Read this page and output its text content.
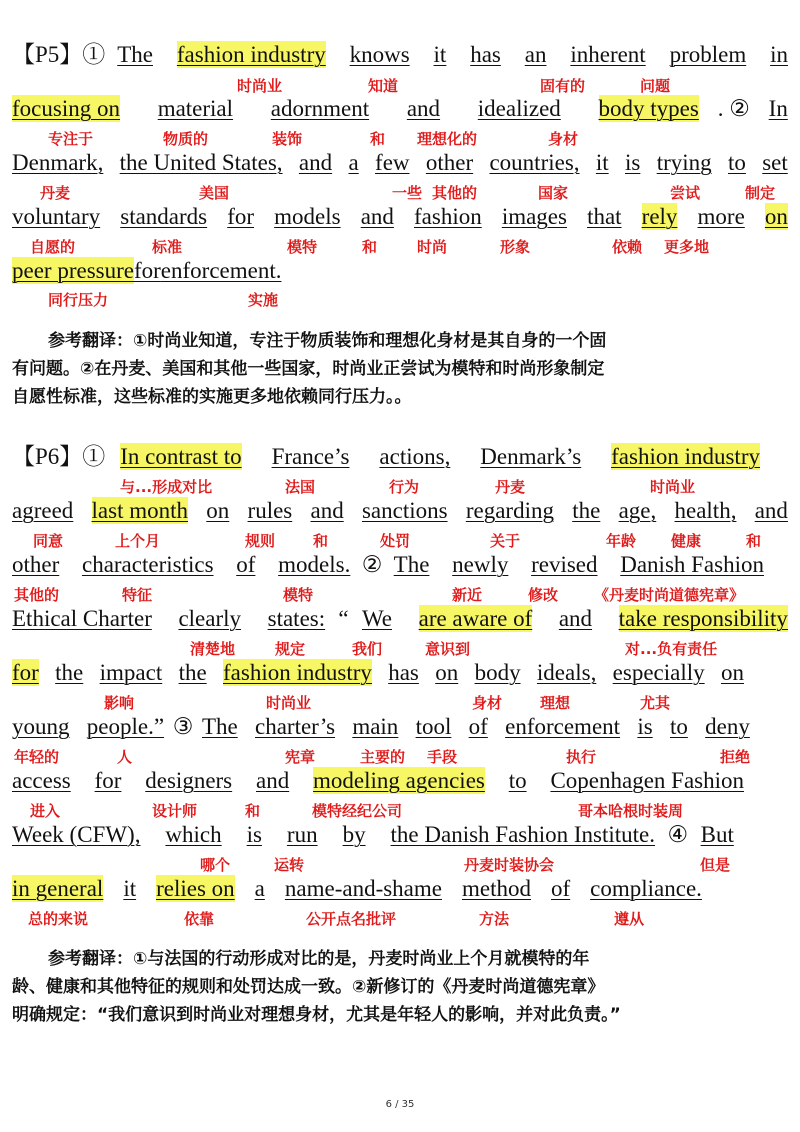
【P5】① The fashion industry knows it has an inherent problem in
focusing on material adornment and idealized body types . ② In
Denmark, the United States, and a few other countries, it is trying to set
voluntary standards for models and fashion images that rely more on
peer pressure for enforcement.
时尚业	知道	固有的	问题
专注于	物质的	装饰	和 理想化的	身材
丹麦	美国	一些 其他的	国家	尝试	制定
自愿的	标准	模特	和	时尚	形象	依赖 更多地
同行压力	实施

参考翻译：①时尚业知道，专注于物质装饰和理想化身材是其自身的一个固

有问题。②在丹麦、美国和其他一些国家，时尚业正尝试为模特和时尚形象制定

自愿性标准，这些标准的实施更多地依赖同行压力。。

【P6】① In contrast to France’s actions, Denmark’s fashion industry
agreed last month on rules and sanctions regarding the age, health, and
other characteristics of models. ② The newly revised Danish Fashion
Ethical Charter clearly states: “ We are aware of and take responsibility
for the impact the fashion industry has on body ideals, especially on
young people.” ③ The charter’s main tool of enforcement is to deny
access for designers and modeling agencies to Copenhagen Fashion
Week (CFW), which is run by the Danish Fashion Institute. ④ But
in general it relies on a name-and-shame method of compliance.
与...形成对比	法国	行为	丹麦	时尚业
同意	上个月	规则	和	处罚	关于	年龄 健康	和
其他的	特征	模特	新近	修改 《丹麦时尚道德宪章》
清楚地	规定	我们	意识到	对...负有责任
影响	时尚业	身材	理想	尤其
年轻的	人	宪章	主要的 手段	执行	拒绝
进入	设计师	和	模特经纪公司	哥本哈根时装周
哪个	运转	丹麦时装协会	但是
总的来说	依靠	公开点名批评	方法	遵从

参考翻译：①与法国的行动形成对比的是，丹麦时尚业上个月就模特的年

龄、健康和其他特征的规则和处罚达成一致。②新修订的《丹麦时尚道德宪章》

明确规定：“我们意识到时尚业对理想身材，尤其是年轻人的影响，并对此负责。”

6 / 35
